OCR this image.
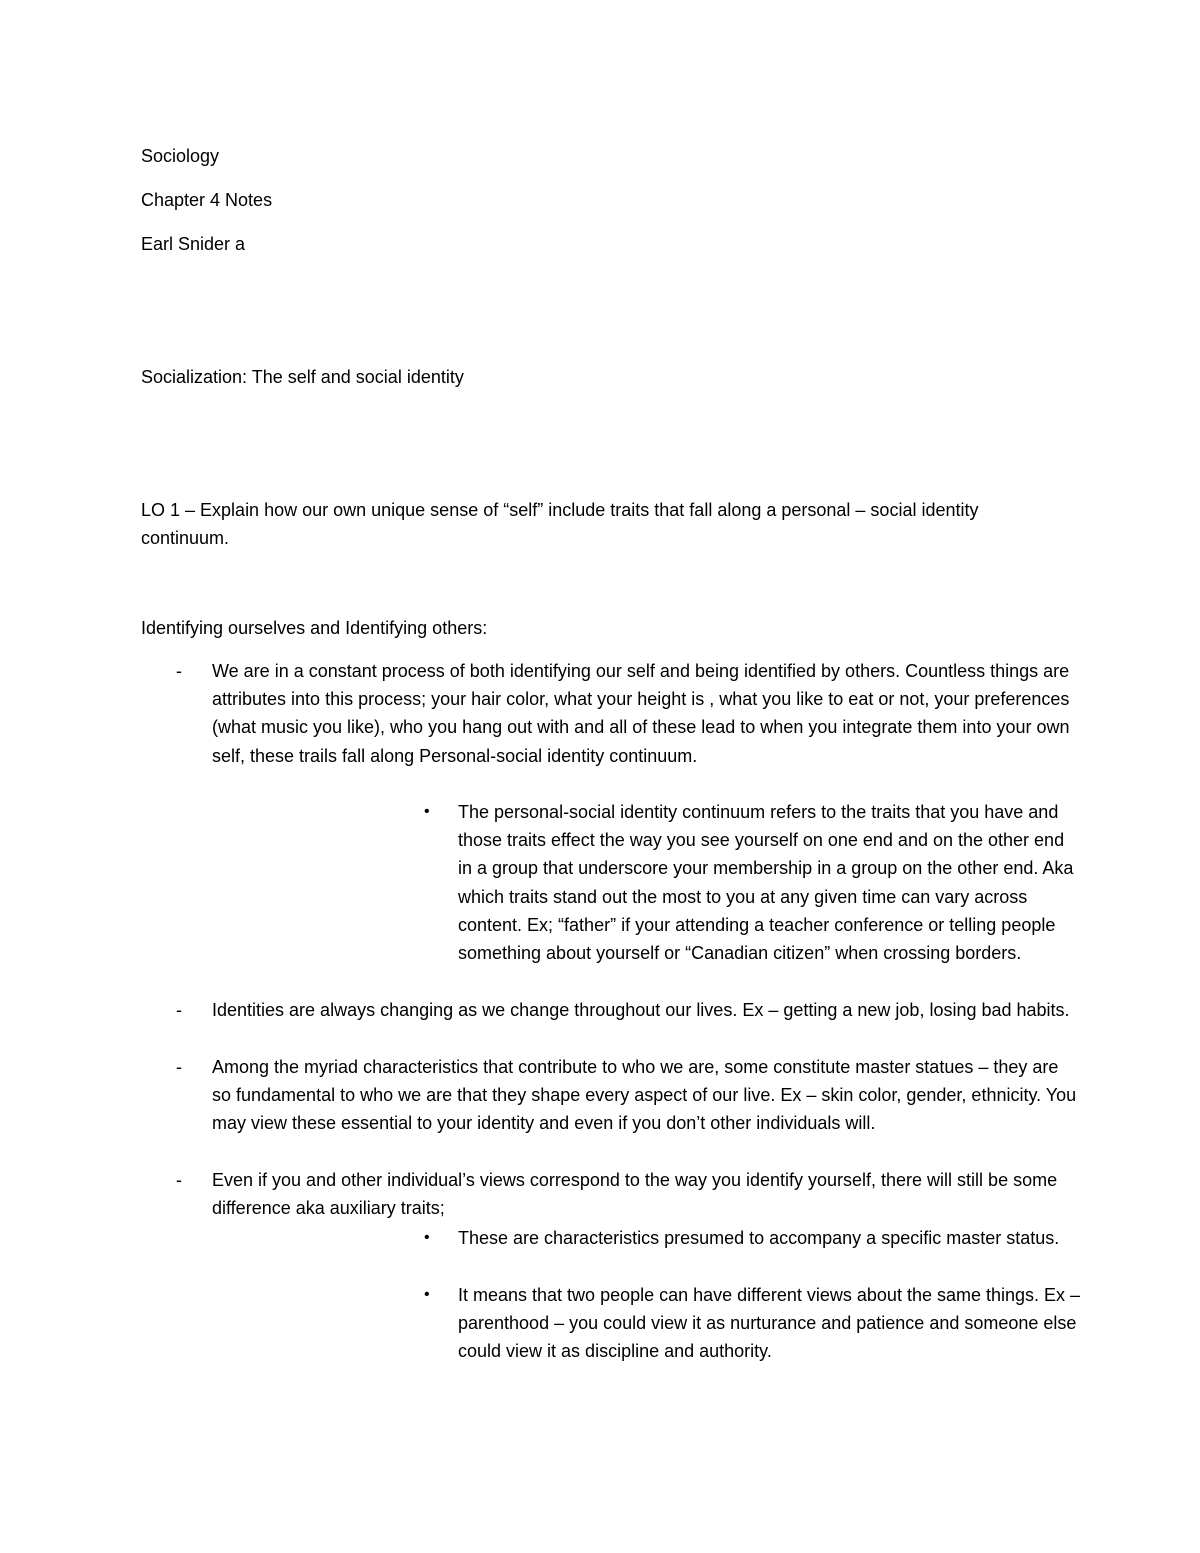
Sociology
Chapter 4 Notes
Earl Snider a
Socialization: The self and social identity
LO 1 – Explain how our own unique sense of “self” include traits that fall along a personal – social identity continuum.
Identifying ourselves and Identifying others:
- We are in a constant process of both identifying our self and being identified by others. Countless things are attributes into this process; your hair color, what your height is , what you like to eat or not, your preferences (what music you like), who you hang out with and all of these lead to when you integrate them into your own self, these trails fall along Personal-social identity continuum.
• The personal-social identity continuum refers to the traits that you have and those traits effect the way you see yourself on one end and on the other end in a group that underscore your membership in a group on the other end. Aka which traits stand out the most to you at any given time can vary across content. Ex; “father” if your attending a teacher conference or telling people something about yourself or “Canadian citizen” when crossing borders.
- Identities are always changing as we change throughout our lives. Ex – getting a new job, losing bad habits.
- Among the myriad characteristics that contribute to who we are, some constitute master statues – they are so fundamental to who we are that they shape every aspect of our live. Ex – skin color, gender, ethnicity. You may view these essential to your identity and even if you don’t other individuals will.
- Even if you and other individual’s views correspond to the way you identify yourself, there will still be some difference aka auxiliary traits;
• These are characteristics presumed to accompany a specific master status.
• It means that two people can have different views about the same things. Ex – parenthood – you could view it as nurturance and patience and someone else could view it as discipline and authority.
